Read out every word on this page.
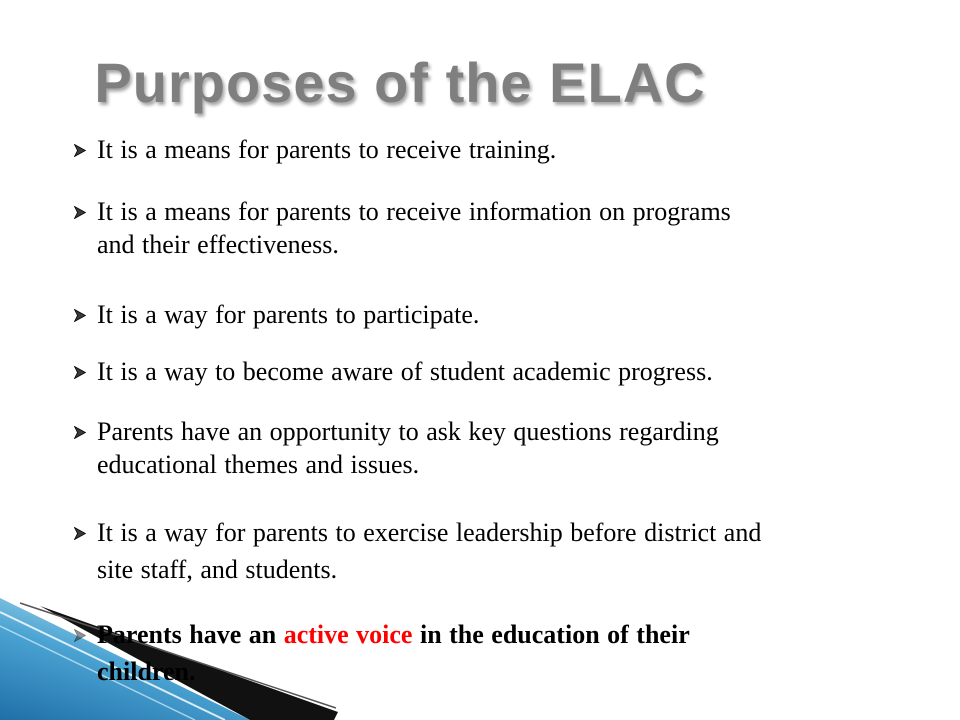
Purposes of the ELAC
It is a means for parents to receive training.
It is a means for parents to receive information on programs
and their effectiveness.
It is a way for parents to participate.
It is a way to become aware of student academic progress.
Parents have an opportunity to ask key questions regarding
educational themes and issues.
It is a way for parents to exercise leadership before district and
site staff, and students.
Parents have an active voice in the education of their
children.
